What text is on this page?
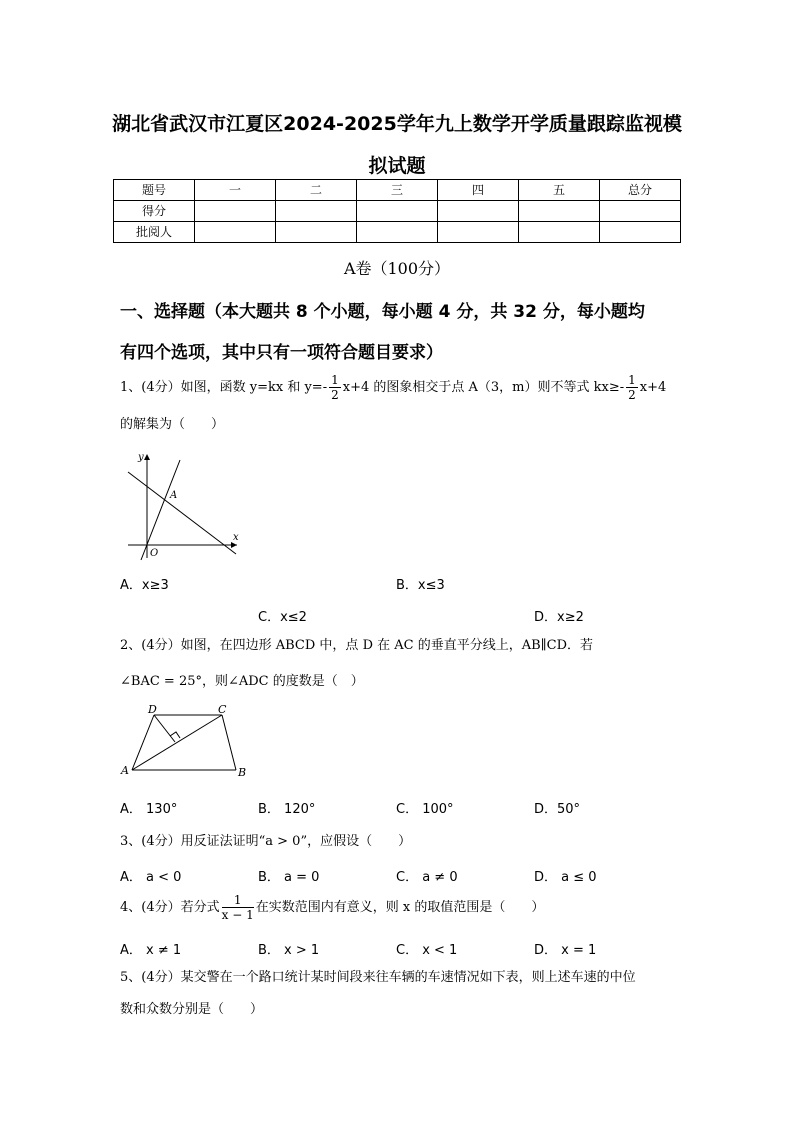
湖北省武汉市江夏区2024-2025学年九上数学开学质量跟踪监视模
拟试题
题号	一	二	三	四	五	总分
得分						
批阅人						
A卷（100分）
一、选择题（本大题共 8 个小题，每小题 4 分，共 32 分，每小题均
有四个选项，其中只有一项符合题目要求）
1、(4分）如图，函数 y=kx 和 $y=- \frac{1}{2} x+4$ 的图象相交于点 A（3，m）则不等式 $kx\ge- \frac{1}{2} x+4$
的解集为（　　）
y
x
O
A
A．x≥3	B．x≤3
C．x≤2	D．x≥2
2、(4分）如图，在四边形 ABCD 中，点 D 在 AC 的垂直平分线上，AB∥CD．若
∠BAC = 25°，则∠ADC 的度数是（　）
D	C
A	B
A． 130°	B． 120°	C． 100°	D．50°
3、(4分）用反证法证明“a > 0”，应假设（　　）
A． a < 0	B． a = 0	C． a ≠ 0	D． a ≤ 0
4、(4分）若分式 $\frac{1}{x - 1}$ 在实数范围内有意义，则 x 的取值范围是（　　）
A． x ≠ 1	B． x > 1	C． x < 1	D． x = 1
5、(4分）某交警在一个路口统计某时间段来往车辆的车速情况如下表，则上述车速的中位
数和众数分别是（　　）
